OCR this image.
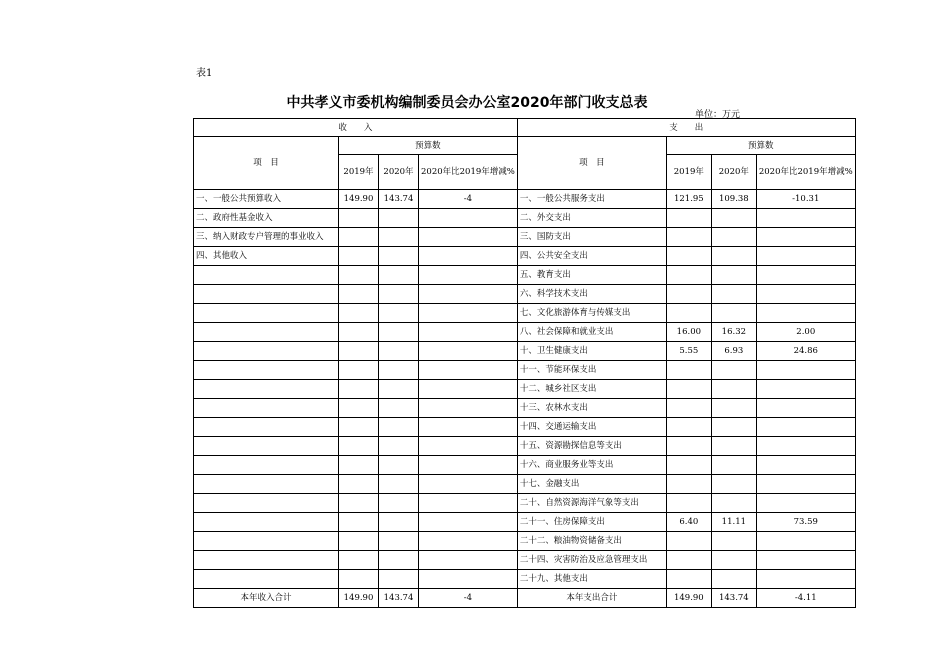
表1
中共孝义市委机构编制委员会办公室2020年部门收支总表
单位：万元
收　　入				支　　出			
项　目	预算数			项　目	预算数		
	2019年	2020年	2020年比2019年增减%		2019年	2020年	2020年比2019年增减%
一、一般公共预算收入	149.90	143.74	-4	一、一般公共服务支出	121.95	109.38	-10.31
二、政府性基金收入				二、外交支出			
三、纳入财政专户管理的事业收入				三、国防支出			
四、其他收入				四、公共安全支出			
				五、教育支出			
				六、科学技术支出			
				七、文化旅游体育与传媒支出			
				八、社会保障和就业支出	16.00	16.32	2.00
				十、卫生健康支出	5.55	6.93	24.86
				十一、节能环保支出			
				十二、城乡社区支出			
				十三、农林水支出			
				十四、交通运输支出			
				十五、资源勘探信息等支出			
				十六、商业服务业等支出			
				十七、金融支出			
				二十、自然资源海洋气象等支出			
				二十一、住房保障支出	6.40	11.11	73.59
				二十二、粮油物资储备支出			
				二十四、灾害防治及应急管理支出			
				二十九、其他支出			
本年收入合计	149.90	143.74	-4	本年支出合计	149.90	143.74	-4.11
